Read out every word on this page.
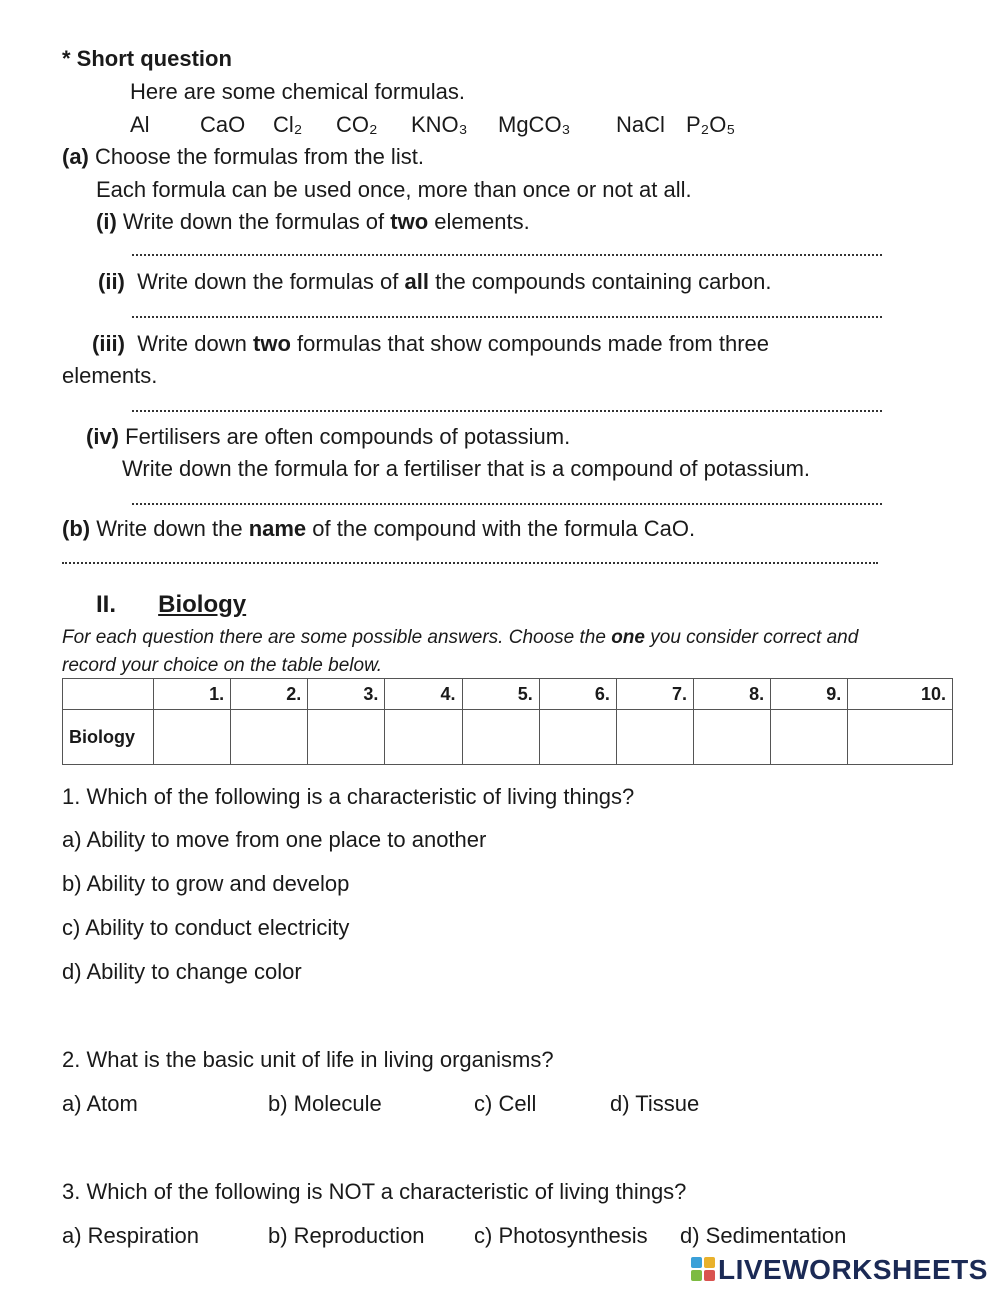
* Short question
Here are some chemical formulas.
Al CaO Cl₂ CO₂ KNO₃ MgCO₃ NaCl P₂O₅
(a) Choose the formulas from the list.
Each formula can be used once, more than once or not at all.
(i) Write down the formulas of two elements.
(ii) Write down the formulas of all the compounds containing carbon.
(iii) Write down two formulas that show compounds made from three
elements.
(iv) Fertilisers are often compounds of potassium.
Write down the formula for a fertiliser that is a compound of potassium.
(b) Write down the name of the compound with the formula CaO.
II. Biology
For each question there are some possible answers. Choose the one you consider correct and
record your choice on the table below.
	1.	2.	3.	4.	5.	6.	7.	8.	9.	10.
Biology										
1. Which of the following is a characteristic of living things?
a) Ability to move from one place to another
b) Ability to grow and develop
c) Ability to conduct electricity
d) Ability to change color
2. What is the basic unit of life in living organisms?
a) Atom	b) Molecule	c) Cell	d) Tissue
3. Which of the following is NOT a characteristic of living things?
a) Respiration	b) Reproduction c) Photosynthesis d) Sedimentation
LIVEWORKSHEETS
